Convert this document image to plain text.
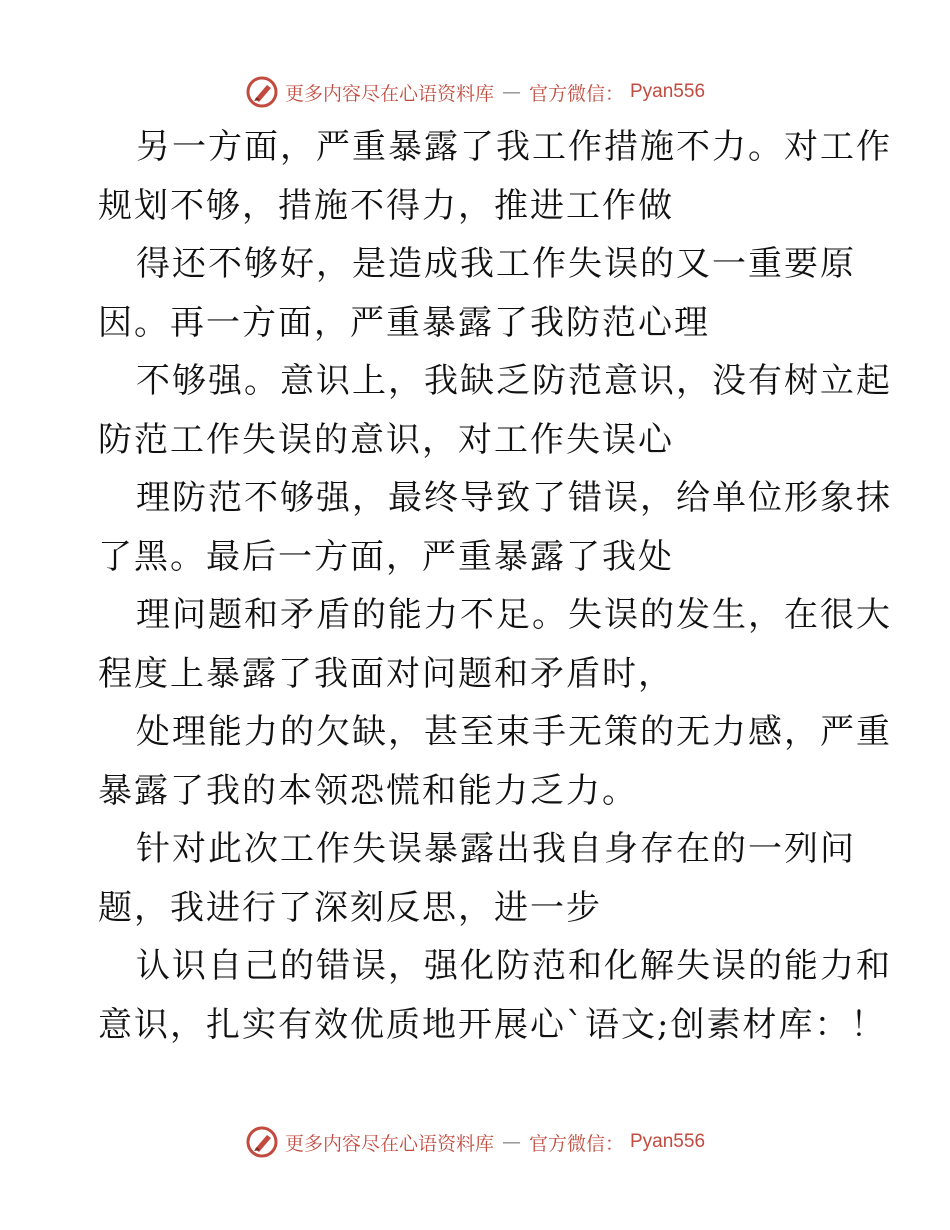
更多内容尽在心语资料库 — 官方微信： Pyan556
另一方面，严重暴露了我工作措施不力。对工作
规划不够，措施不得力，推进工作做
得还不够好，是造成我工作失误的又一重要原
因。再一方面，严重暴露了我防范心理
不够强。意识上，我缺乏防范意识，没有树立起
防范工作失误的意识，对工作失误心
理防范不够强，最终导致了错误，给单位形象抹
了黑。最后一方面，严重暴露了我处
理问题和矛盾的能力不足。失误的发生，在很大
程度上暴露了我面对问题和矛盾时，
处理能力的欠缺，甚至束手无策的无力感，严重
暴露了我的本领恐慌和能力乏力。
针对此次工作失误暴露出我自身存在的一列问
题，我进行了深刻反思，进一步
认识自己的错误，强化防范和化解失误的能力和
意识，扎实有效优质地开展心`语文;创素材库：！
更多内容尽在心语资料库 — 官方微信： Pyan556
